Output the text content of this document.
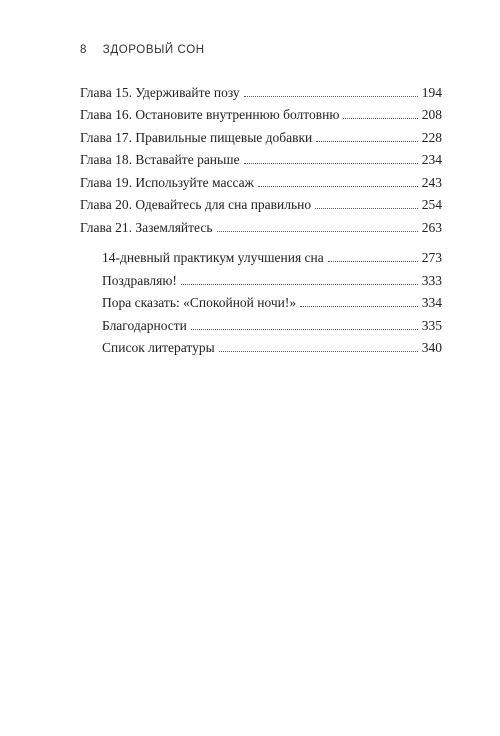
8 ЗДОРОВЫЙ СОН
Глава 15. Удерживайте позу	194
Глава 16. Остановите внутреннюю болтовню	208
Глава 17. Правильные пищевые добавки	228
Глава 18. Вставайте раньше	234
Глава 19. Используйте массаж	243
Глава 20. Одевайтесь для сна правильно	254
Глава 21. Заземляйтесь	263
14-дневный практикум улучшения сна	273
Поздравляю!	333
Пора сказать: «Спокойной ночи!»	334
Благодарности	335
Список литературы	340
